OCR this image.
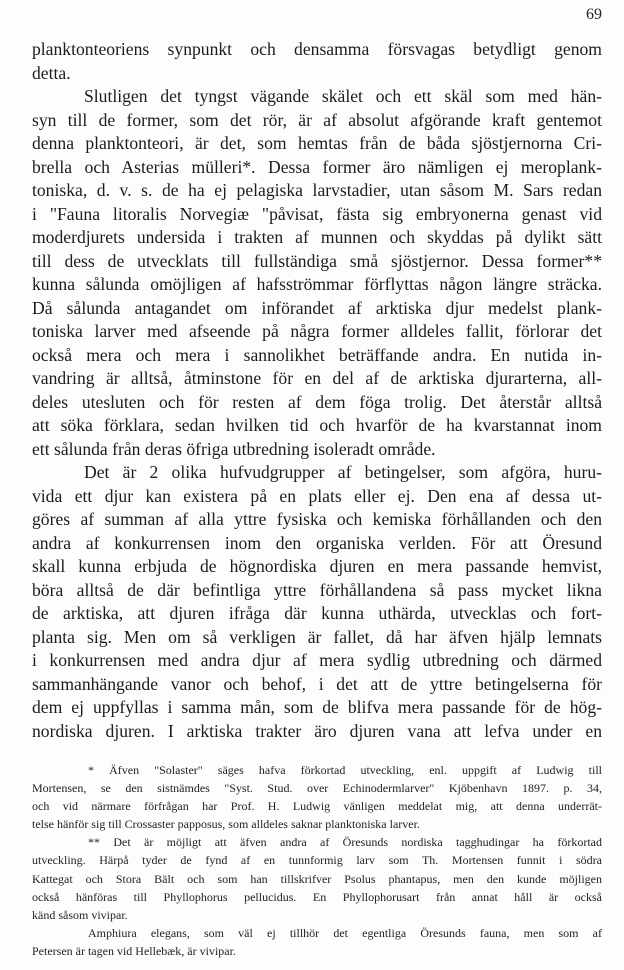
69

planktonteoriens synpunkt och densamma försvagas betydligt genom
detta.

Slutligen det tyngst vägande skälet och ett skäl som med hän-
syn till de former, som det rör, är af absolut afgörande kraft gentemot
denna planktonteori, är det, som hemtas från de båda sjöstjernorna Cri-
brella och Asterias mülleri*. Dessa former äro nämligen ej meroplank-
toniska, d. v. s. de ha ej pelagiska larvstadier, utan såsom M. Sars redan
i "Fauna litoralis Norvegiæ "påvisat, fästa sig embryonerna genast vid
moderdjurets undersida i trakten af munnen och skyddas på dylikt sätt
till dess de utvecklats till fullständiga små sjöstjernor. Dessa former**
kunna sålunda omöjligen af hafsströmmar förflyttas någon längre sträcka.
Då sålunda antagandet om införandet af arktiska djur medelst plank-
toniska larver med afseende på några former alldeles fallit, förlorar det
också mera och mera i sannolikhet beträffande andra. En nutida in-
vandring är alltså, åtminstone för en del af de arktiska djurarterna, all-
deles utesluten och för resten af dem föga trolig. Det återstår alltså
att söka förklara, sedan hvilken tid och hvarför de ha kvarstannat inom
ett sålunda från deras öfriga utbredning isoleradt område.

Det är 2 olika hufvudgrupper af betingelser, som afgöra, huru-
vida ett djur kan existera på en plats eller ej. Den ena af dessa ut-
göres af summan af alla yttre fysiska och kemiska förhållanden och den
andra af konkurrensen inom den organiska verlden. För att Öresund
skall kunna erbjuda de högnordiska djuren en mera passande hemvist,
böra alltså de där befintliga yttre förhållandena så pass mycket likna
de arktiska, att djuren ifråga där kunna uthärda, utvecklas och fort-
planta sig. Men om så verkligen är fallet, då har äfven hjälp lemnats
i konkurrensen med andra djur af mera sydlig utbredning och därmed
sammanhängande vanor och behof, i det att de yttre betingelserna för
dem ej uppfyllas i samma mån, som de blifva mera passande för de hög-
nordiska djuren. I arktiska trakter äro djuren vana att lefva under en

* Äfven "Solaster" säges hafva förkortad utveckling, enl. uppgift af Ludwig till
Mortensen, se den sistnämdes "Syst. Stud. over Echinodermlarver" Kjöbenhavn 1897. p. 34,
och vid närmare förfrågan har Prof. H. Ludwig vänligen meddelat mig, att denna underrät-
telse hänför sig till Crossaster papposus, som alldeles saknar planktoniska larver.

** Det är möjligt att äfven andra af Öresunds nordiska tagghudingar ha förkortad
utveckling. Härpå tyder de fynd af en tunnformig larv som Th. Mortensen funnit i södra
Kattegat och Stora Bält och som han tillskrifver Psolus phantapus, men den kunde möjligen
också hänföras till Phyllophorus pellucidus. En Phyllophorusart från annat håll är också
känd såsom vivipar.

Amphiura elegans, som väl ej tillhör det egentliga Öresunds fauna, men som af
Petersen är tagen vid Hellebæk, är vivipar.
